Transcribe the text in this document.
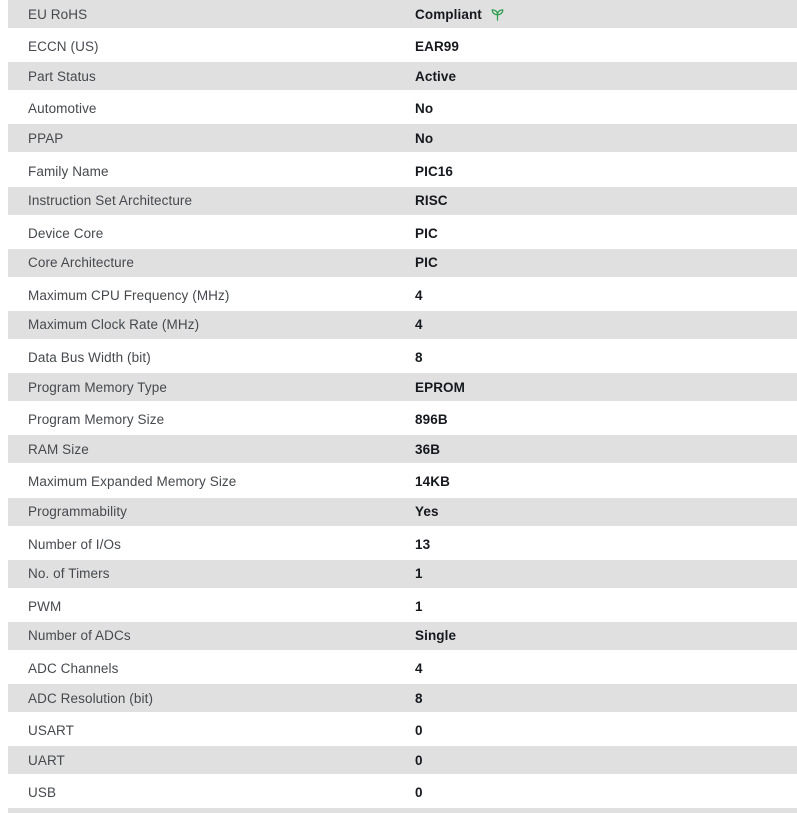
EU RoHS	Compliant
ECCN (US)	EAR99
Part Status	Active
Automotive	No
PPAP	No
Family Name	PIC16
Instruction Set Architecture	RISC
Device Core	PIC
Core Architecture	PIC
Maximum CPU Frequency (MHz)	4
Maximum Clock Rate (MHz)	4
Data Bus Width (bit)	8
Program Memory Type	EPROM
Program Memory Size	896B
RAM Size	36B
Maximum Expanded Memory Size	14KB
Programmability	Yes
Number of I/Os	13
No. of Timers	1
PWM	1
Number of ADCs	Single
ADC Channels	4
ADC Resolution (bit)	8
USART	0
UART	0
USB	0
